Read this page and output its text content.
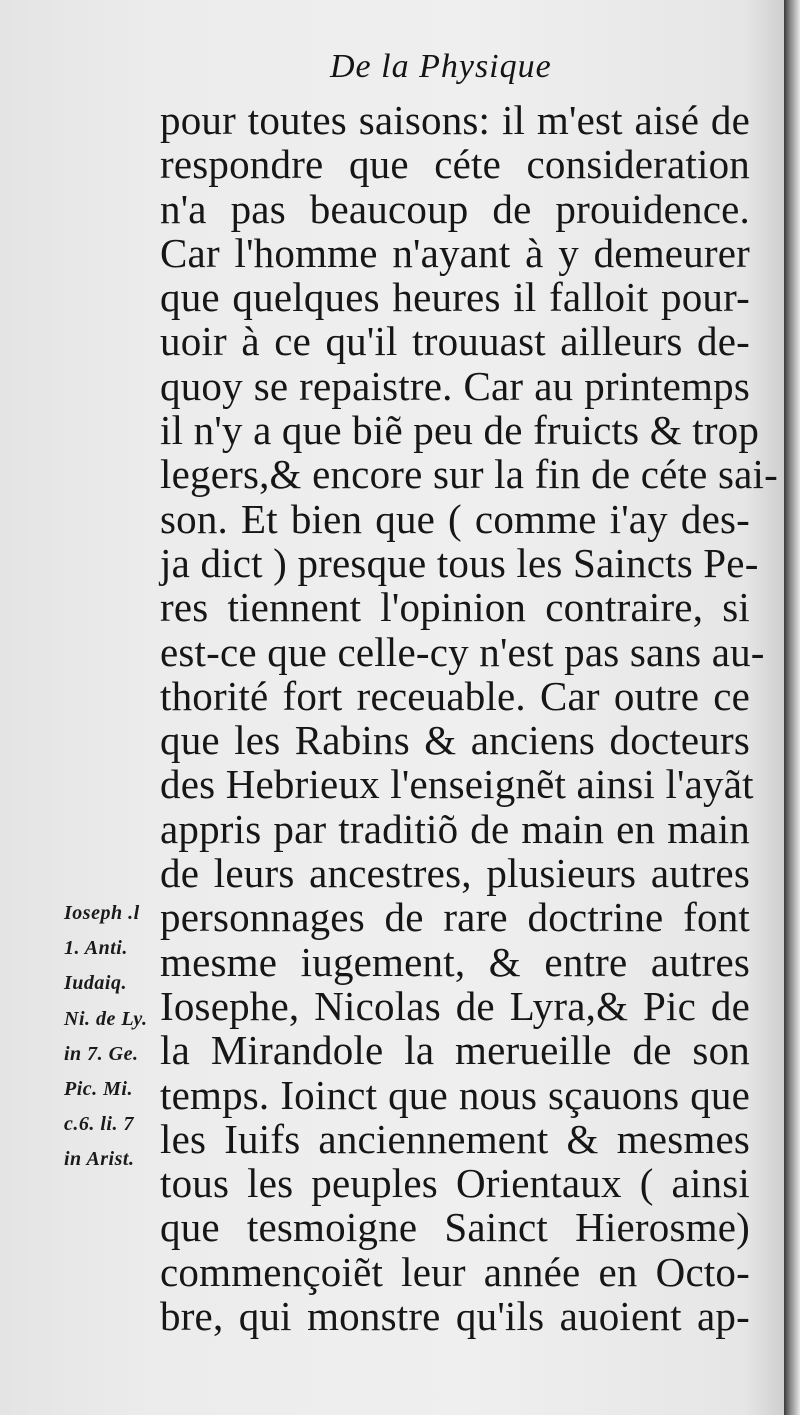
De la Physique
pour toutes saisons: il m'est aisé de
respondre que céte consideration
n'a pas beaucoup de prouidence.
Car l'homme n'ayant à y demeurer
que quelques heures il falloit pour-
uoir à ce qu'il trouuast ailleurs de-
quoy se repaistre. Car au printemps
il n'y a que biẽ peu de fruicts & trop
legers,& encore sur la fin de céte sai-
son. Et bien que ( comme i'ay des-
ja dict ) presque tous les Saincts Pe-
res tiennent l'opinion contraire, si
est-ce que celle-cy n'est pas sans au-
thorité fort receuable. Car outre ce
que les Rabins & anciens docteurs
des Hebrieux l'enseignẽt ainsi l'ayãt
appris par traditiõ de main en main
de leurs ancestres, plusieurs autres
personnages de rare doctrine font
mesme iugement, & entre autres
Iosephe, Nicolas de Lyra,& Pic de
la Mirandole la merueille de son
temps. Ioinct que nous sçauons que
les Iuifs anciennement & mesmes
tous les peuples Orientaux ( ainsi
que tesmoigne Sainct Hierosme)
commençoiẽt leur année en Octo-
bre, qui monstre qu'ils auoient ap-
Ioseph .l
1. Anti.
Iudaiq.
Ni. de Ly.
in 7. Ge.
Pic. Mi.
c.6. li. 7
in Arist.
